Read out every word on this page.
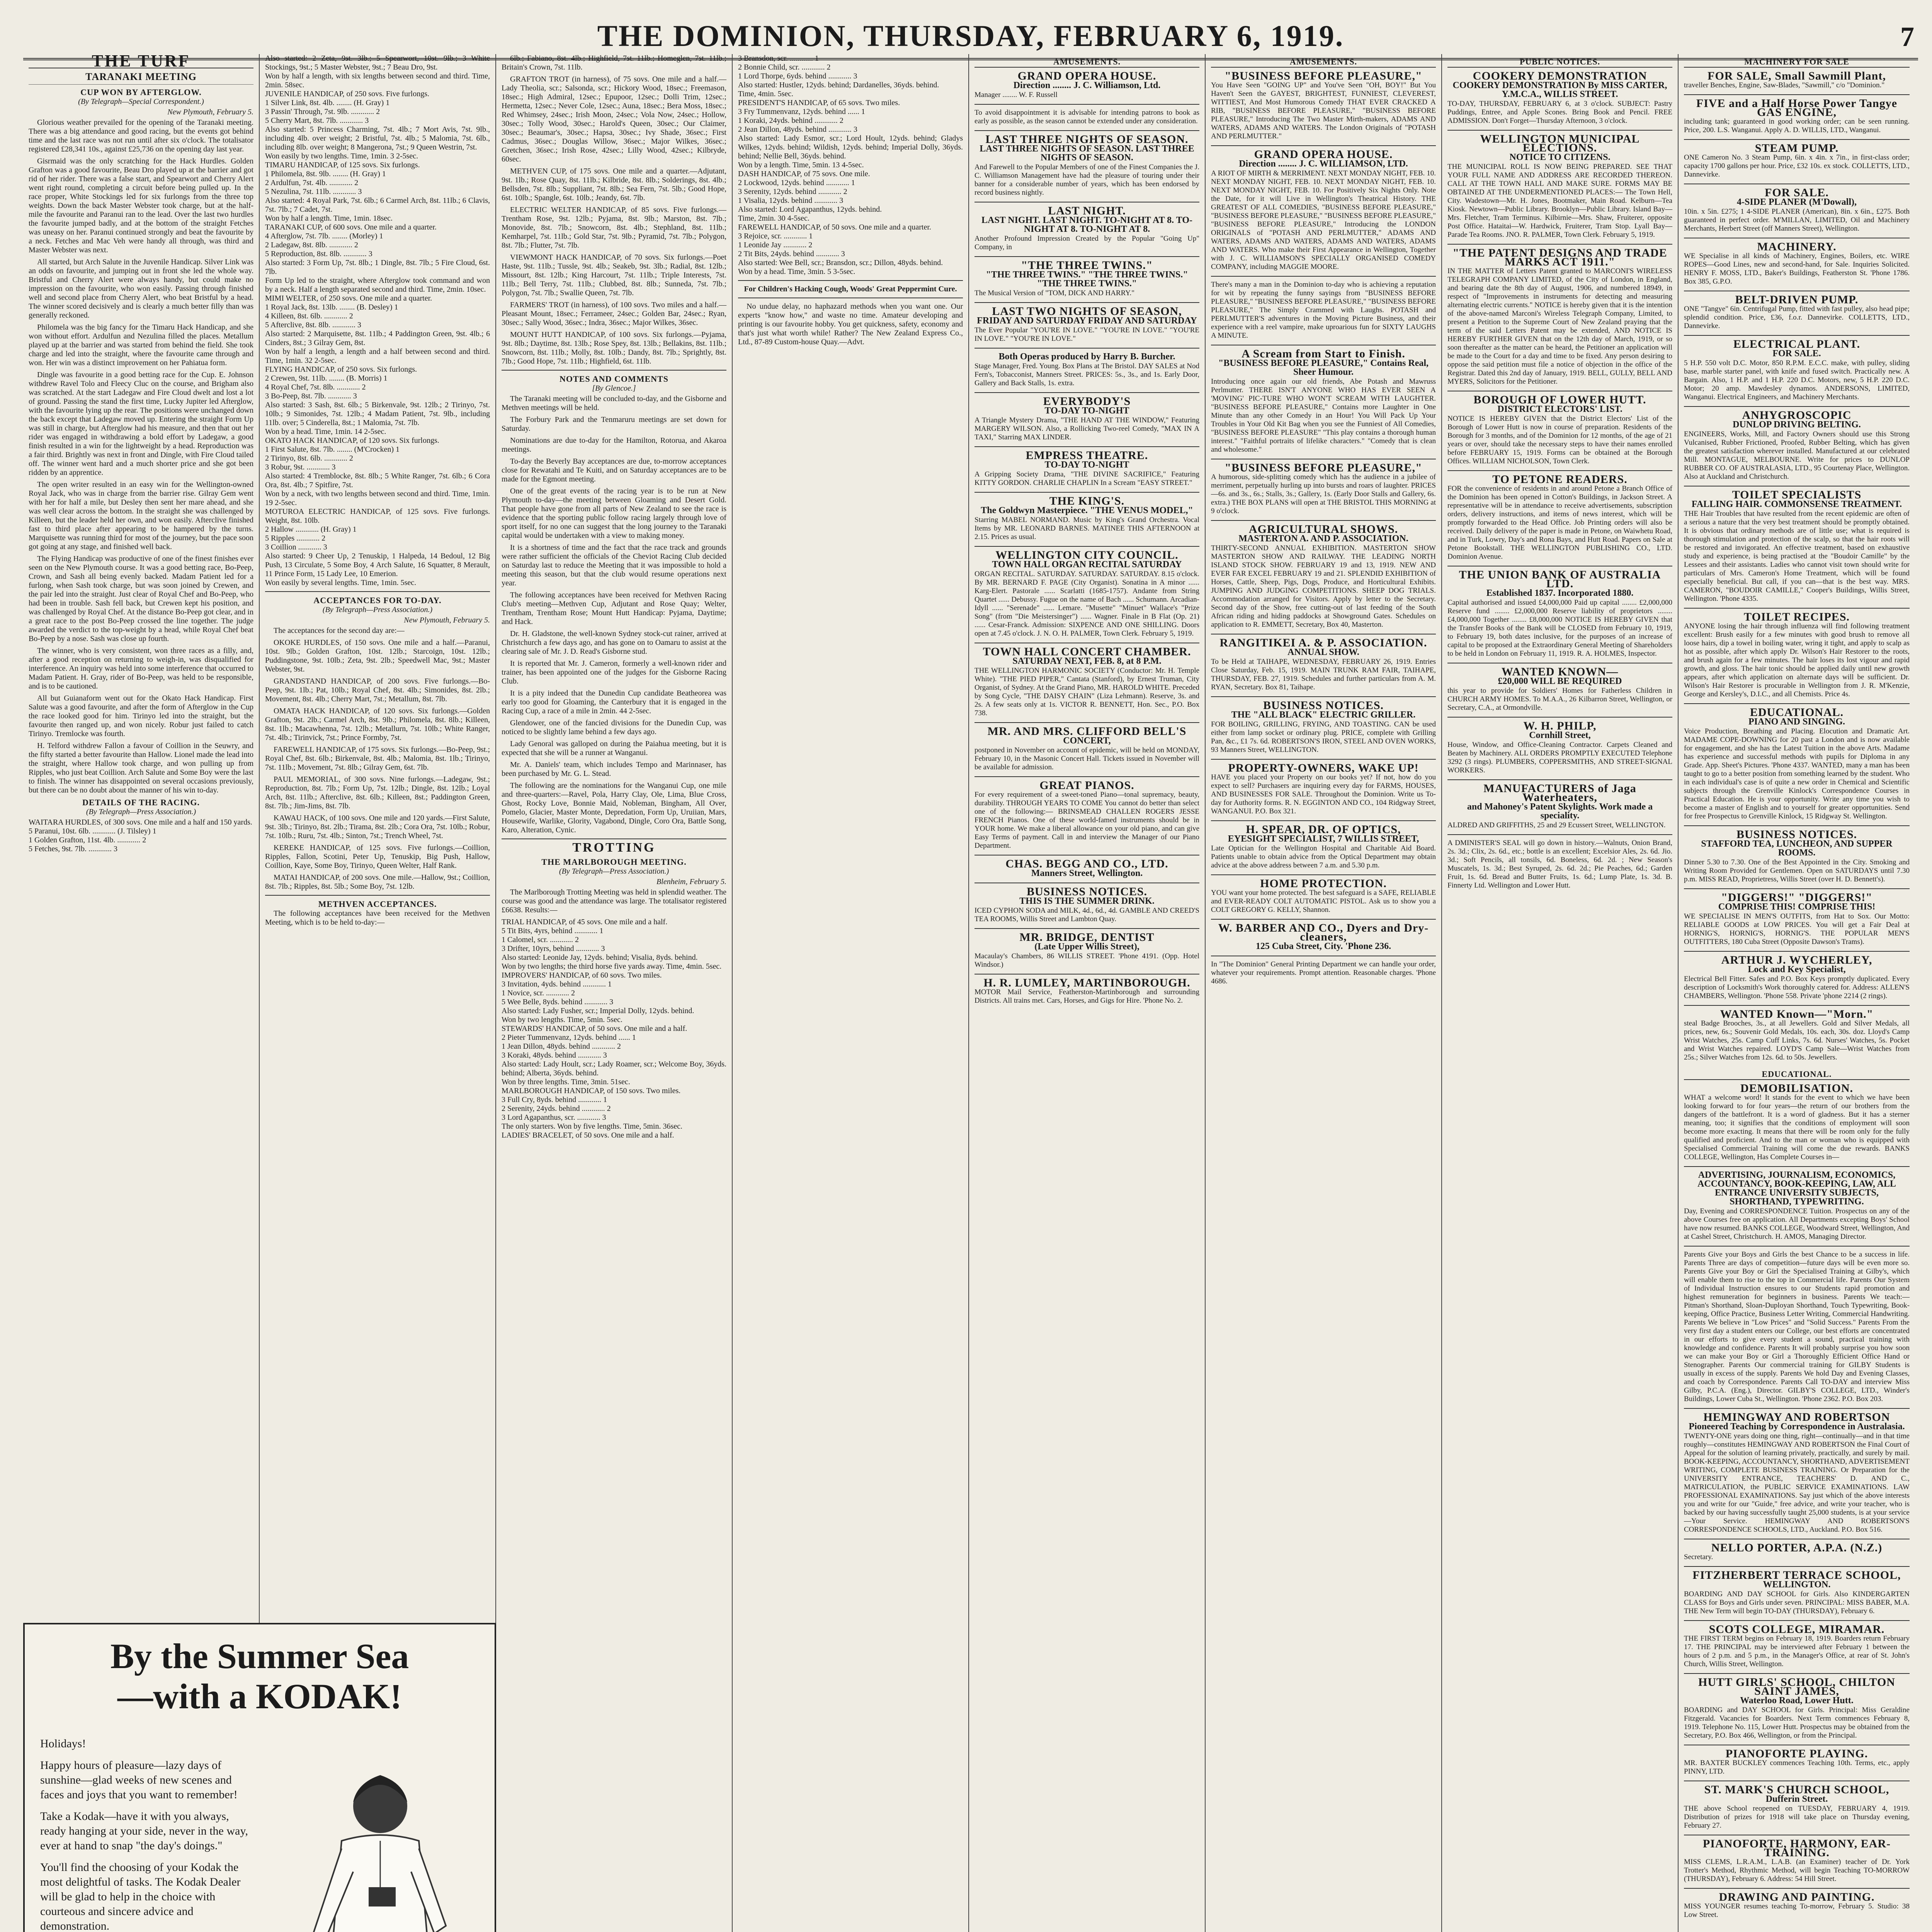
THE DOMINION, THURSDAY, FEBRUARY 6, 1919.	7
THE TURF
TARANAKI MEETING
CUP WON BY AFTERGLOW.
(By Telegraph—Special Correspondent.)
New Plymouth, February 5.

Glorious weather prevailed for the opening of the Taranaki meeting. There was a big attendance and good racing, but the events got behind time and the last race was not run until after six o'clock. The totalisator registered £28,341 10s., against £25,736 on the opening day last year.

Gisrmaid was the only scratching for the Hack Hurdles. Golden Grafton was a good favourite, Beau Dro played up at the barrier and got rid of her rider. There was a false start, and Spearwort and Cherry Alert went right round, completing a circuit before being pulled up. In the race proper, White Stockings led for six furlongs from the three top weights. Down the back Master Webster took charge, but at the half-mile the favourite and Paranui ran to the lead. Over the last two hurdles the favourite jumped badly, and at the bottom of the straight Fetches was uneasy on her. Paranui continued strongly and beat the favourite by a neck. Fetches and Mac Veh were handy all through, was third and Master Webster was next.

All started, but Arch Salute in the Juvenile Handicap. Silver Link was an odds on favourite, and jumping out in front she led the whole way. Bristful and Cherry Alert were always handy, but could make no impression on the favourite, who won easily. Passing through finished well and second place from Cherry Alert, who beat Bristful by a head. The winner scored decisively and is clearly a much better filly than was generally reckoned.

Philomela was the big fancy for the Timaru Hack Handicap, and she won without effort. Ardulfun and Nezulina filled the places. Metallum played up at the barrier and was started from behind the field. She took charge and led into the straight, where the favourite came through and won. Her win was a distinct improvement on her Pahiatua form.

Dingle was favourite in a good betting race for the Cup. E. Johnson withdrew Ravel Tolo and Fleecy Cluc on the course, and Brigham also was scratched. At the start Ladegaw and Fire Cloud dwelt and lost a lot of ground. Passing the stand the first time, Lucky Jupiter led Afterglow, with the favourite lying up the rear. The positions were unchanged down the back except that Ladegaw moved up. Entering the straight Form Up was still in charge, but Afterglow had his measure, and then that out her rider was engaged in withdrawing a bold effort by Ladegaw, a good finish resulted in a win for the lightweight by a head. Reproduction was a fair third. Brightly was next in front and Dingle, with Fire Cloud tailed off. The winner went hard and a much shorter price and she got been ridden by an apprentice.

The open writer resulted in an easy win for the Wellington-owned Royal Jack, who was in charge from the barrier rise. Gilray Gem went with her for half a mile, but Desley then sent her mare ahead, and she was well clear across the bottom. In the straight she was challenged by Killeen, but the leader held her own, and won easily. Afterclive finished fast to third place after appearing to be hampered by the turns. Marquisette was running third for most of the journey, but the pace soon got going at any stage, and finished well back.

The Flying Handicap was productive of one of the finest finishes ever seen on the New Plymouth course. It was a good betting race, Bo-Peep, Crown, and Sash all being evenly backed. Madam Patient led for a furlong, when Sash took charge, but was soon joined by Crewen, and the pair led into the straight. Just clear of Royal Chef and Bo-Peep, who had been in trouble. Sash fell back, but Crewen kept his position, and was challenged by Royal Chef. At the distance Bo-Peep got clear, and in a great race to the post Bo-Peep crossed the line together. The judge awarded the verdict to the top-weight by a head, while Royal Chef beat Bo-Peep by a nose. Sash was close up fourth.

The winner, who is very consistent, won three races as a filly, and, after a good reception on returning to weigh-in, was disqualified for interference. An inquiry was held into some interference that occurred to Madam Patient. H. Gray, rider of Bo-Peep, was held to be responsible, and is to be cautioned.

All but Guianaform went out for the Okato Hack Handicap. First Salute was a good favourite, and after the form of Afterglow in the Cup the race looked good for him. Tirinyo led into the straight, but the favourite then ranged up, and won nicely. Robur just failed to catch Tirinyo. Tremlocke was fourth.

H. Telford withdrew Fallon a favour of Coillion in the Seuwry, and the fifty started a better favourite than Hallow. Lionel made the lead into the straight, where Hallow took charge, and won pulling up from Ripples, who just beat Coillion. Arch Salute and Some Boy were the last to finish. The winner has disappointed on several occasions previously, but there can be no doubt about the manner of his win to-day.

DETAILS OF THE RACING.
(By Telegraph—Press Association.)
WAITARA HURDLES, of 300 sovs. One mile and a half and 150 yards.
5 Paranui, 10st. 6lb. ............ (J. Tilsley) 1
1 Golden Grafton, 11st. 4lb. ............ 2
5 Fetches, 9st. 7lb. ............ 3
Also started: 2 Zeta, 9st. 3lb.; 5 Spearwort, 10st. 9lb.; 3 White Stockings, 9st.; 5 Master Webster, 9st.; 7 Beau Dro, 9st.
Won by half a length, with six lengths between second and third. Time, 2min. 58sec.
JUVENILE HANDICAP, of 250 sovs. Five furlongs.
1 Silver Link, 8st. 4lb. ........ (H. Gray) 1
3 Passin' Through, 7st. 9lb. ............ 2
5 Cherry Mart, 8st. 7lb. ............ 3
Also started: 5 Princess Charming, 7st. 4lb.; 7 Mort Avis, 7st. 9lb., including 4lb. over weight; 2 Bristful, 7st. 4lb.; 5 Malomia, 7st. 6lb., including 8lb. over weight; 8 Mangerona, 7st.; 9 Queen Westrin, 7st.
Won easily by two lengths. Time, 1min. 3 2-5sec.
TIMARU HANDICAP, of 125 sovs. Six furlongs.
1 Philomela, 8st. 9lb. ........ (H. Gray) 1
2 Ardulfun, 7st. 4lb. ............ 2
5 Nezulina, 7st. 11lb. ............ 3
Also started: 4 Royal Park, 7st. 6lb.; 6 Carmel Arch, 8st. 11lb.; 6 Clavis, 7st. 7lb.; 7 Cadet, 7st.
Won by half a length. Time, 1min. 18sec.
TARANAKI CUP, of 600 sovs. One mile and a quarter.
4 Afterglow, 7st. 7lb. ........ (Morley) 1
2 Ladegaw, 8st. 8lb. ............ 2
5 Reproduction, 8st. 8lb. ............ 3
Also started: 3 Form Up, 7st. 8lb.; 1 Dingle, 8st. 7lb.; 5 Fire Cloud, 6st. 7lb.
Form Up led to the straight, where Afterglow took command and won by a neck. Half a length separated second and third. Time, 2min. 10sec.
MIMI WELTER, of 250 sovs. One mile and a quarter.
1 Royal Jack, 8st. 13lb. ........ (B. Desley) 1
4 Killeen, 8st. 6lb. ............ 2
5 Afterclive, 8st. 8lb. ............ 3
Also started: 2 Marquisette, 8st. 11lb.; 4 Paddington Green, 9st. 4lb.; 6 Cinders, 8st.; 3 Gilray Gem, 8st.
Won by half a length, a length and a half between second and third. Time, 1min. 32 2-5sec.
FLYING HANDICAP, of 250 sovs. Six furlongs.
2 Crewen, 9st. 11lb. ........ (B. Morris) 1
4 Royal Chef, 7st. 8lb. ............ 2
3 Bo-Peep, 8st. 7lb. ............ 3
Also started: 3 Sash, 8st. 6lb.; 5 Birkenvale, 9st. 12lb.; 2 Tirinyo, 7st. 10lb.; 9 Simonides, 7st. 12lb.; 4 Madam Patient, 7st. 9lb., including 11lb. over; 5 Cinderella, 8st.; 1 Malomia, 7st. 7lb.
Won by a head. Time, 1min. 14 2-5sec.
OKATO HACK HANDICAP, of 120 sovs. Six furlongs.
1 First Salute, 8st. 7lb. ........ (M'Crocken) 1
2 Tirinyo, 8st. 6lb. ............ 2
3 Robur, 9st. ............ 3
Also started: 4 Tremblocke, 8st. 8lb.; 5 White Ranger, 7st. 6lb.; 6 Cora Ora, 8st. 4lb.; 7 Spitfire, 7st.
Won by a neck, with two lengths between second and third. Time, 1min. 19 2-5sec.
MOTUROA ELECTRIC HANDICAP, of 125 sovs. Five furlongs. Weight, 8st. 10lb.
2 Hallow ............ (H. Gray) 1
5 Ripples ............ 2
3 Coillion ............ 3
Also started: 9 Cheer Up, 2 Tenuskip, 1 Halpeda, 14 Bedoul, 12 Big Push, 13 Circulate, 5 Some Boy, 4 Arch Salute, 16 Squatter, 8 Merault, 11 Prince Form, 15 Lady Lee, 10 Emerion.
Won easily by several lengths. Time, 1min. 5sec.
ACCEPTANCES FOR TO-DAY.
(By Telegraph—Press Association.)
New Plymouth, February 5.

The acceptances for the second day are:—

OKOKE HURDLES, of 150 sovs. One mile and a half.—Paranui, 10st. 9lb.; Golden Grafton, 10st. 12lb.; Starcoign, 10st. 12lb.; Puddingstone, 9st. 10lb.; Zeta, 9st. 2lb.; Speedwell Mac, 9st.; Master Webster, 9st.

GRANDSTAND HANDICAP, of 200 sovs. Five furlongs.—Bo-Peep, 9st. 1lb.; Pat, 10lb.; Royal Chef, 8st. 4lb.; Simonides, 8st. 2lb.; Movement, 8st. 4lb.; Cherry Mart, 7st.; Metallum, 8st. 7lb.

OMATA HACK HANDICAP, of 120 sovs. Six furlongs.—Golden Grafton, 9st. 2lb.; Carmel Arch, 8st. 9lb.; Philomela, 8st. 8lb.; Killeen, 8st. 1lb.; Macawhenna, 7st. 12lb.; Metallurn, 7st. 10lb.; White Ranger, 7st. 4lb.; Tirinvick, 7st.; Prince Formby, 7st.

FAREWELL HANDICAP, of 175 sovs. Six furlongs.—Bo-Peep, 9st.; Royal Chef, 8st. 6lb.; Birkenvale, 8st. 4lb.; Malomia, 8st. 1lb.; Tirinyo, 7st. 11lb.; Movement, 7st. 8lb.; Gilray Gem, 6st. 7lb.

PAUL MEMORIAL, of 300 sovs. Nine furlongs.—Ladegaw, 9st.; Reproduction, 8st. 7lb.; Form Up, 7st. 12lb.; Dingle, 8st. 12lb.; Loyal Arch, 8st. 11lb.; Afterclive, 8st. 6lb.; Killeen, 8st.; Paddington Green, 8st. 7lb.; Jim-Jims, 8st. 7lb.

KAWAU HACK, of 100 sovs. One mile and 120 yards.—First Salute, 9st. 3lb.; Tirinyo, 8st. 2lb.; Tirama, 8st. 2lb.; Cora Ora, 7st. 10lb.; Robur, 7st. 10lb.; Ruru, 7st. 4lb.; Sinton, 7st.; Trench Wheel, 7st.

KEREKE HANDICAP, of 125 sovs. Five furlongs.—Coillion, Ripples, Fallon, Scotini, Peter Up, Tenuskip, Big Push, Hallow, Coillion, Kaye, Some Boy, Tirinyo, Queen Welter, Half Rank.

MATAI HANDICAP, of 200 sovs. One mile.—Hallow, 9st.; Coillion, 8st. 7lb.; Ripples, 8st. 5lb.; Some Boy, 7st. 12lb.

METHVEN ACCEPTANCES.

The following acceptances have been received for the Methven Meeting, which is to be held to-day:—

6lb.; Fabiano, 8st. 4lb.; Highfield, 7st. 11lb.; Homeglen, 7st. 11lb.; Britain's Crown, 7st. 11lb.

GRAFTON TROT (in harness), of 75 sovs. One mile and a half.—Lady Theolia, scr.; Salsonda, scr.; Hickory Wood, 18sec.; Freemason, 18sec.; High Admiral, 12sec.; Epupoor, 12sec.; Dolli Trim, 12sec.; Hermetta, 12sec.; Never Cole, 12sec.; Auna, 18sec.; Bera Moss, 18sec.; Red Whimsey, 24sec.; Irish Moon, 24sec.; Vola Now, 24sec.; Hollow, 30sec.; Tolly Wood, 30sec.; Harold's Queen, 30sec.; Our Claimer, 30sec.; Beaumar's, 30sec.; Hapsa, 30sec.; Ivy Shade, 36sec.; First Cadmus, 36sec.; Douglas Willow, 36sec.; Major Wilkes, 36sec.; Gretchen, 36sec.; Irish Rose, 42sec.; Lilly Wood, 42sec.; Kilbryde, 60sec.

METHVEN CUP, of 175 sovs. One mile and a quarter.—Adjutant, 9st. 1lb.; Rose Quay, 8st. 11lb.; Kilbride, 8st. 8lb.; Solderings, 8st. 4lb.; Bellsden, 7st. 8lb.; Suppliant, 7st. 8lb.; Sea Fern, 7st. 5lb.; Good Hope, 6st. 10lb.; Spangle, 6st. 10lb.; Jeandy, 6st. 7lb.

ELECTRIC WELTER HANDICAP, of 85 sovs. Five furlongs.—Trentham Rose, 9st. 12lb.; Pyjama, 8st. 9lb.; Marston, 8st. 7lb.; Monovide, 8st. 7lb.; Snowcorn, 8st. 4lb.; Stephland, 8st. 11lb.; Kemharpel, 7st. 11lb.; Gold Star, 7st. 9lb.; Pyramid, 7st. 7lb.; Polygon, 8st. 7lb.; Flutter, 7st. 7lb.

VIEWMONT HACK HANDICAP, of 70 sovs. Six furlongs.—Poet Haste, 9st. 11lb.; Tussle, 9st. 4lb.; Seakeb, 9st. 3lb.; Radial, 8st. 12lb.; Missourt, 8st. 12lb.; King Harcourt, 7st. 11lb.; Triple Interests, 7st. 11lb.; Bell Terry, 7st. 11lb.; Clubbed, 8st. 8lb.; Sunneda, 7st. 7lb.; Polygon, 7st. 7lb.; Swallie Queen, 7st. 7lb.

FARMERS' TROT (in harness), of 100 sovs. Two miles and a half.—Pleasant Mount, 18sec.; Ferrameer, 24sec.; Golden Bar, 24sec.; Ryan, 30sec.; Sally Wood, 36sec.; Indra, 36sec.; Major Wilkes, 36sec.

MOUNT HUTT HANDICAP, of 100 sovs. Six furlongs.—Pyjama, 9st. 8lb.; Daytime, 8st. 13lb.; Rose Spey, 8st. 13lb.; Bellakins, 8st. 11lb.; Snowcorn, 8st. 11lb.; Molly, 8st. 10lb.; Dandy, 8st. 7lb.; Sprightly, 8st. 7lb.; Good Hope, 7st. 11lb.; Highfield, 6st. 11lb.

NOTES AND COMMENTS
[By Glencoe.]

The Taranaki meeting will be concluded to-day, and the Gisborne and Methven meetings will be held.

The Forbury Park and the Tenmaruru meetings are set down for Saturday.

Nominations are due to-day for the Hamilton, Rotorua, and Akaroa meetings.

To-day the Beverly Bay acceptances are due, to-morrow acceptances close for Rewatahi and Te Kuiti, and on Saturday acceptances are to be made for the Egmont meeting.

One of the great events of the racing year is to be run at New Plymouth to-day—the meeting between Gloaming and Desert Gold. That people have gone from all parts of New Zealand to see the race is evidence that the sporting public follow racing largely through love of sport itself, for no one can suggest that the long journey to the Taranaki capital would be undertaken with a view to making money.

It is a shortness of time and the fact that the race track and grounds were rather sufficient the officials of the Cheviot Racing Club decided on Saturday last to reduce the Meeting that it was impossible to hold a meeting this season, but that the club would resume operations next year.

The following acceptances have been received for Methven Racing Club's meeting—Methven Cup, Adjutant and Rose Quay; Welter, Trentham, Trentham Rose; Mount Hutt Handicap: Pyjama, Daytime; and Hack.

Dr. H. Gladstone, the well-known Sydney stock-cut rainer, arrived at Christchurch a few days ago, and has gone on to Oamaru to assist at the clearing sale of Mr. J. D. Read's Gisborne stud.

It is reported that Mr. J. Cameron, formerly a well-known rider and trainer, has been appointed one of the judges for the Gisborne Racing Club.

It is a pity indeed that the Dunedin Cup candidate Beatheorea was early too good for Gloaming, the Canterbury that it is engaged in the Racing Cup, a race of a mile in 2min. 44 2-5sec.

Glendower, one of the fancied divisions for the Dunedin Cup, was noticed to be slightly lame behind a few days ago.

Lady Genoral was galloped on during the Paiahua meeting, but it is expected that she will be a runner at Wanganui.

Mr. A. Daniels' team, which includes Tempo and Marinnaser, has been purchased by Mr. G. L. Stead.

The following are the nominations for the Wanganui Cup, one mile and three-quarters:—Ravel, Pola, Harry Clay, Ole, Lima, Blue Cross, Ghost, Rocky Love, Bonnie Maid, Nobleman, Bingham, All Over, Pomelo, Glacier, Master Monte, Depredation, Form Up, Uruiian, Mars, Housewife, Warlike, Glority, Vagabond, Dingle, Coro Ora, Battle Song, Karo, Alteration, Cynic.

TROTTING
THE MARLBOROUGH MEETING.
(By Telegraph—Press Association.)
Blenheim, February 5.

The Marlborough Trotting Meeting was held in splendid weather. The course was good and the attendance was large. The totalisator registered £6638. Results:—

TRIAL HANDICAP, of 45 sovs. One mile and a half.
5 Tit Bits, 4yrs, behind ............ 1
1 Calomel, scr. ............ 2
3 Drifter, 10yrs, behind ............ 3
Also started: Leonide Jay, 12yds. behind; Visalia, 8yds. behind.
Won by two lengths; the third horse five yards away. Time, 4min. 5sec.
IMPROVERS' HANDICAP, of 60 sovs. Two miles.
3 Invitation, 4yds. behind ............ 1
1 Novice, scr. ............ 2
5 Wee Belle, 8yds. behind ............ 3
Also started: Lady Fusher, scr.; Imperial Dolly, 12yds. behind.
Won by two lengths. Time, 5min. 5sec.
STEWARDS' HANDICAP, of 50 sovs. One mile and a half.
2 Pieter Tummenvanz, 12yds. behind ...... 1
1 Jean Dillon, 48yds. behind ............ 2
3 Koraki, 48yds. behind ............ 3
Also started: Lady Hoult, scr.; Lady Roamer, scr.; Welcome Boy, 36yds. behind; Alberta, 36yds. behind.
Won by three lengths. Time, 3min. 51sec.
MARLBOROUGH HANDICAP, of 150 sovs. Two miles.
3 Full Cry, 8yds. behind ............ 1
2 Serenity, 24yds. behind ............ 2
3 Lord Agapanthus, scr. ............ 3
The only starters. Won by five lengths. Time, 5min. 36sec.
LADIES' BRACELET, of 50 sovs. One mile and a half.
3 Bransdon, scr. ............ 1
2 Bonnie Child, scr. ............ 2
1 Lord Thorpe, 6yds. behind ............ 3
Also started: Hustler, 12yds. behind; Dardanelles, 36yds. behind.
Time, 4min. 5sec.
PRESIDENT'S HANDICAP, of 65 sovs. Two miles.
3 Fry Tummenvanz, 12yds. behind ...... 1
1 Koraki, 24yds. behind ............ 2
2 Jean Dillon, 48yds. behind ............ 3
Also started: Lady Esmor, scr.; Lord Hoult, 12yds. behind; Gladys Wilkes, 12yds. behind; Wildish, 12yds. behind; Imperial Dolly, 36yds. behind; Nellie Bell, 36yds. behind.
Won by a length. Time, 5min. 13 4-5sec.
DASH HANDICAP, of 75 sovs. One mile.
2 Lockwood, 12yds. behind ............ 1
3 Serenity, 12yds. behind ............ 2
1 Visalia, 12yds. behind ............ 3
Also started: Lord Agapanthus, 12yds. behind.
Time, 2min. 30 4-5sec.
FAREWELL HANDICAP, of 50 sovs. One mile and a quarter.
3 Rejoice, scr. ............ 1
1 Leonide Jay ............ 2
2 Tit Bits, 24yds. behind ............ 3
Also started: Wee Bell, scr.; Bransdon, scr.; Dillon, 48yds. behind.
Won by a head. Time, 3min. 5 3-5sec.

For Children's Hacking Cough, Woods' Great Peppermint Cure.

No undue delay, no haphazard methods when you want one. Our experts "know how," and waste no time. Amateur developing and printing is our favourite hobby. You get quickness, safety, economy and that's just what worth while! Rather? The New Zealand Express Co., Ltd., 87-89 Custom-house Quay.—Advt.

AMUSEMENTS.
GRAND OPERA HOUSE.
Direction ........ J. C. Williamson, Ltd.
Manager ........ W. F. Russell
To avoid disappointment it is advisable for intending patrons to book as early as possible, as the season cannot be extended under any consideration.
LAST THREE NIGHTS OF SEASON.
LAST THREE NIGHTS OF SEASON. LAST THREE NIGHTS OF SEASON.
And Farewell to the Popular Members of one of the Finest Companies the J. C. Williamson Management have had the pleasure of touring under their banner for a considerable number of years, which has been endorsed by record business nightly.
LAST NIGHT.
LAST NIGHT. LAST NIGHT. TO-NIGHT AT 8. TO-NIGHT AT 8. TO-NIGHT AT 8.
Another Profound Impression Created by the Popular "Going Up" Company, in
"THE THREE TWINS."
"THE THREE TWINS." "THE THREE TWINS." "THE THREE TWINS."
The Musical Version of "TOM, DICK AND HARRY."
LAST TWO NIGHTS OF SEASON,
FRIDAY AND SATURDAY FRIDAY AND SATURDAY
The Ever Popular "YOU'RE IN LOVE." "YOU'RE IN LOVE." "YOU'RE IN LOVE." "YOU'RE IN LOVE."
Both Operas produced by Harry B. Burcher.
Stage Manager, Fred. Young. Box Plans at The Bristol. DAY SALES at Nod Fern's, Tobacconist, Manners Street. PRICES: 5s., 3s., and 1s. Early Door, Gallery and Back Stalls, 1s. extra.
EVERYBODY'S
TO-DAY TO-NIGHT
A Triangle Mystery Drama, "THE HAND AT THE WINDOW," Featuring MARGERY WILSON. Also, a Rollicking Two-reel Comedy, "MAX IN A TAXI," Starring MAX LINDER.
EMPRESS THEATRE.
TO-DAY TO-NIGHT
A Gripping Society Drama, "THE DIVINE SACRIFICE," Featuring KITTY GORDON. CHARLIE CHAPLIN In a Scream "EASY STREET."
THE KING'S.
The Goldwyn Masterpiece. "THE VENUS MODEL,"
Starring MABEL NORMAND. Music by King's Grand Orchestra. Vocal Items by MR. LEONARD BARNES. MATINEE THIS AFTERNOON at 2.15. Prices as usual.
WELLINGTON CITY COUNCIL.
TOWN HALL ORGAN RECITAL SATURDAY
ORGAN RECITAL. SATURDAY. SATURDAY. SATURDAY. 8.15 o'clock. By MR. BERNARD F. PAGE (City Organist). Sonatina in A minor ...... Karg-Elert. Pastorale ...... Scarlatti (1685-1757). Andante from String Quartet ...... Debussy. Fugue on the name of Bach ...... Schumann. Arcadian-Idyll ...... "Serenade" ...... Lemare. "Musette" "Minuet" Wallace's "Prize Song" (from "Die Meistersinger") ...... Wagner. Finale in B Flat (Op. 21) ...... Cesar-Franck. Admission: SIXPENCE AND ONE SHILLING. Doors open at 7.45 o'clock. J. N. O. H. PALMER, Town Clerk. February 5, 1919.
TOWN HALL CONCERT CHAMBER.
SATURDAY NEXT, FEB. 8, at 8 P.M.
THE WELLINGTON HARMONIC SOCIETY (Conductor: Mr. H. Temple White). "THE PIED PIPER," Cantata (Stanford), by Ernest Truman, City Organist, of Sydney. At the Grand Piano, MR. HAROLD WHITE. Preceded by Song Cycle, "THE DAISY CHAIN" (Liza Lehmann). Reserve, 3s. and 2s. A few seats only at 1s. VICTOR R. BENNETT, Hon. Sec., P.O. Box 738.
MR. AND MRS. CLIFFORD BELL'S
CONCERT,
postponed in November on account of epidemic, will be held on MONDAY, February 10, in the Masonic Concert Hall. Tickets issued in November will be available for admission.
GREAT PIANOS.
For every requirement of a sweet-toned Piano—tonal supremacy, beauty, durability. THROUGH YEARS TO COME You cannot do better than select one of the following:— BRINSMEAD CHALLEN ROGERS JESSE FRENCH Pianos. One of these world-famed instruments should be in YOUR home. We make a liberal allowance on your old piano, and can give Easy Terms of payment. Call in and interview the Manager of our Piano Department.
CHAS. BEGG AND CO., LTD.
Manners Street, Wellington.
BUSINESS NOTICES.
THIS IS THE SUMMER DRINK.
ICED CYPHON SODA and MILK, 4d., 6d., 4d. GAMBLE AND CREED'S TEA ROOMS, Willis Street and Lambton Quay.
MR. BRIDGE, DENTIST
(Late Upper Willis Street),
Macaulay's Chambers, 86 WILLIS STREET. 'Phone 4191. (Opp. Hotel Windsor.)
H. R. LUMLEY, MARTINBOROUGH.
MOTOR Mail Service, Featherston-Martinborough and surrounding Districts. All trains met. Cars, Horses, and Gigs for Hire. 'Phone No. 2.
AMUSEMENTS.
"BUSINESS BEFORE PLEASURE,"
You Have Seen "GOING UP" and You've Seen "OH, BOY!" But You Haven't Seen the GAYEST, BRIGHTEST, FUNNIEST, CLEVEREST, WITTIEST, And Most Humorous Comedy THAT EVER CRACKED A RIB, "BUSINESS BEFORE PLEASURE," "BUSINESS BEFORE PLEASURE," Introducing The Two Master Mirth-makers, ADAMS AND WATERS, ADAMS AND WATERS. The London Originals of "POTASH AND PERLMUTTER."
GRAND OPERA HOUSE.
Direction ........ J. C. WILLIAMSON, LTD.
A RIOT OF MIRTH & MERRIMENT. NEXT MONDAY NIGHT, FEB. 10. NEXT MONDAY NIGHT, FEB. 10. NEXT MONDAY NIGHT, FEB. 10. NEXT MONDAY NIGHT, FEB. 10. For Positively Six Nights Only. Note the Date, for it will Live in Wellington's Theatrical History. THE GREATEST OF ALL COMEDIES, "BUSINESS BEFORE PLEASURE," "BUSINESS BEFORE PLEASURE," "BUSINESS BEFORE PLEASURE," "BUSINESS BEFORE PLEASURE," Introducing the LONDON ORIGINALS of "POTASH AND PERLMUTTER," ADAMS AND WATERS, ADAMS AND WATERS, ADAMS AND WATERS, ADAMS AND WATERS. Who make their First Appearance in Wellington, Together with J. C. WILLIAMSON'S SPECIALLY ORGANISED COMEDY COMPANY, including MAGGIE MOORE.
There's many a man in the Dominion to-day who is achieving a reputation for wit by repeating the funny sayings from "BUSINESS BEFORE PLEASURE," "BUSINESS BEFORE PLEASURE," "BUSINESS BEFORE PLEASURE," The Simply Crammed with Laughs. POTASH and PERLMUTTER'S adventures in the Moving Picture Business, and their experience with a reel vampire, make uproarious fun for SIXTY LAUGHS A MINUTE.
A Scream from Start to Finish.
"BUSINESS BEFORE PLEASURE," Contains Real, Sheer Humour.
Introducing once again our old friends, Abe Potash and Mawruss Perlmutter. THERE ISN'T ANYONE WHO HAS EVER SEEN A 'MOVING' PIC-TURE WHO WON'T SCREAM WITH LAUGHTER. "BUSINESS BEFORE PLEASURE," Contains more Laughter in One Minute than any other Comedy in an Hour! You Will Pack Up Your Troubles in Your Old Kit Bag when you see the Funniest of All Comedies, "BUSINESS BEFORE PLEASURE" "This play contains a thorough human interest." "Faithful portraits of lifelike characters." "Comedy that is clean and wholesome."
"BUSINESS BEFORE PLEASURE,"
A humorous, side-splitting comedy which has the audience in a jubilee of merriment, perpetually hurling up into bursts and roars of laughter. PRICES—6s. and 3s., 6s.; Stalls, 3s.; Gallery, 1s. (Early Door Stalls and Gallery, 6s. extra.) THE BOX PLANS will open at THE BRISTOL THIS MORNING at 9 o'clock.
AGRICULTURAL SHOWS.
MASTERTON A. AND P. ASSOCIATION.
THIRTY-SECOND ANNUAL EXHIBITION. MASTERTON SHOW MASTERTON SHOW AND RAILWAY. THE LEADING NORTH ISLAND STOCK SHOW. FEBRUARY 19 and 13, 1919. NEW AND EVER FAR EXCEL FEBRUARY 19 and 21. SPLENDID EXHIBITION of Horses, Cattle, Sheep, Pigs, Dogs, Produce, and Horticultural Exhibits. JUMPING AND JUDGING COMPETITIONS. SHEEP DOG TRIALS. Accommodation arranged for Visitors. Apply by letter to the Secretary. Second day of the Show, free cutting-out of last feeding of the South African riding and hiding paddocks at Showground Gates. Schedules on application to R. EMMETT, Secretary, Box 40, Masterton.
RANGITIKEI A. & P. ASSOCIATION.
ANNUAL SHOW.
To be Held at TAIHAPE, WEDNESDAY, FEBRUARY 26, 1919. Entries Close Saturday, Feb. 15, 1919. MAIN TRUNK RAM FAIR, TAIHAPE, THURSDAY, FEB. 27, 1919. Schedules and further particulars from A. M. RYAN, Secretary. Box 81, Taihape.
BUSINESS NOTICES.
THE "ALL BLACK" ELECTRIC GRILLER.
FOR BOILING, GRILLING, FRYING, AND TOASTING. CAN be used either from lamp socket or ordinary plug. PRICE, complete with Grilling Pan, &c., £1 7s. 6d. ROBERTSON'S IRON, STEEL AND OVEN WORKS, 93 Manners Street, WELLINGTON.
PROPERTY-OWNERS, WAKE UP!
HAVE you placed your Property on our books yet? If not, how do you expect to sell? Purchasers are inquiring every day for FARMS, HOUSES, AND BUSINESSES FOR SALE. Throughout the Dominion. Write us To-day for Authority forms. R. N. EGGINTON AND CO., 104 Ridgway Street, WANGANUI. P.O. Box 321.
H. SPEAR, DR. OF OPTICS,
EYESIGHT SPECIALIST, 7 WILLIS STREET,
Late Optician for the Wellington Hospital and Charitable Aid Board. Patients unable to obtain advice from the Optical Department may obtain advice at the above address between 7 a.m. and 5.30 p.m.
HOME PROTECTION.
YOU want your home protected. The best safeguard is a SAFE, RELIABLE and EVER-READY COLT AUTOMATIC PISTOL. Ask us to show you a COLT GREGORY G. KELLY, Shannon.
W. BARBER AND CO., Dyers and Dry-cleaners,
125 Cuba Street, City. 'Phone 236.
In "The Dominion" General Printing Department we can handle your order, whatever your requirements. Prompt attention. Reasonable charges. 'Phone 4686.
PUBLIC NOTICES.
COOKERY DEMONSTRATION
COOKERY DEMONSTRATION By MISS CARTER, Y.M.C.A., WILLIS STREET.
TO-DAY, THURSDAY, FEBRUARY 6, at 3 o'clock. SUBJECT: Pastry Puddings, Entree, and Apple Scones. Bring Book and Pencil. FREE ADMISSION. Don't Forget—Thursday Afternoon, 3 o'clock.
WELLINGTON MUNICIPAL ELECTIONS.
NOTICE TO CITIZENS.
THE MUNICIPAL ROLL IS NOW BEING PREPARED. SEE THAT YOUR FULL NAME AND ADDRESS ARE RECORDED THEREON. CALL AT THE TOWN HALL AND MAKE SURE. FORMS MAY BE OBTAINED AT THE UNDERMENTIONED PLACES:— The Town Hell, City. Wadestown—Mr. H. Jones, Bootmaker, Main Road. Kelburn—Tea Kiosk. Newtown—Public Library. Brooklyn—Public Library. Island Bay—Mrs. Fletcher, Tram Terminus. Kilbirnie—Mrs. Shaw, Fruiterer, opposite Post Office. Hataitai—W. Hardwick, Fruiterer, Tram Stop. Lyall Bay—Parade Tea Rooms. JNO. R. PALMER, Town Clerk. February 5, 1919.
"THE PATENT DESIGNS AND TRADE MARKS ACT 1911."
IN THE MATTER of Letters Patent granted to MARCONI'S WIRELESS TELEGRAPH COMPANY LIMITED, of the City of London, in England, and bearing date the 8th day of August, 1906, and numbered 18949, in respect of "Improvements in instruments for detecting and measuring alternating electric currents." NOTICE is hereby given that it is the intention of the above-named Marconi's Wireless Telegraph Company, Limited, to present a Petition to the Supreme Court of New Zealand praying that the term of the said Letters Patent may be extended, AND NOTICE IS HEREBY FURTHER GIVEN that on the 12th day of March, 1919, or so soon thereafter as the matter can be heard, the Petitioner an application will be made to the Court for a day and time to be fixed. Any person desiring to oppose the said petition must file a notice of objection in the office of the Registrar. Dated this 2nd day of January, 1919. BELL, GULLY, BELL AND MYERS, Solicitors for the Petitioner.
BOROUGH OF LOWER HUTT.
DISTRICT ELECTORS' LIST.
NOTICE IS HEREBY GIVEN that the District Electors' List of the Borough of Lower Hutt is now in course of preparation. Residents of the Borough for 3 months, and of the Dominion for 12 months, of the age of 21 years or over, should take the necessary steps to have their names enrolled before FEBRUARY 15, 1919. Forms can be obtained at the Borough Offices. WILLIAM NICHOLSON, Town Clerk.
TO PETONE READERS.
FOR the convenience of residents in and around Petone a Branch Office of the Dominion has been opened in Cotton's Buildings, in Jackson Street. A representative will be in attendance to receive advertisements, subscription orders, delivery instructions, and items of news interest, which will be promptly forwarded to the Head Office. Job Printing orders will also be received. Daily delivery of the paper is made in Petone, on Waiwhetu Road, and in Turk, Lowry, Day's and Rona Bays, and Hutt Road. Papers on Sale at Petone Bookstall. THE WELLINGTON PUBLISHING CO., LTD. Dominion Avenue.
THE UNION BANK OF AUSTRALIA LTD.
Established 1837. Incorporated 1880.
Capital authorised and issued £4,000,000 Paid up capital ........ £2,000,000 Reserve fund ........ £2,000,000 Reserve liability of proprietors ........ £4,000,000 Together ........ £8,000,000 NOTICE IS HEREBY GIVEN that the Transfer Books of the Bank will be CLOSED from February 10, 1919, to February 19, both dates inclusive, for the purposes of an increase of capital to be proposed at the Extraordinary General Meeting of Shareholders to be held in London on February 11, 1919. R. A. HOLMES, Inspector.
WANTED KNOWN—
£20,000 WILL BE REQUIRED
this year to provide for Soldiers' Homes for Fatherless Children in CHURCH ARMY HOMES. To M.A.A., 26 Kilbarron Street, Wellington, or Secretary, C.A., at Ormondville.
W. H. PHILP,
Cornhill Street,
House, Window, and Office-Cleaning Contractor. Carpets Cleaned and Beaten by Machinery. ALL ORDERS PROMPTLY EXECUTED Telephone 3292 (3 rings). PLUMBERS, COPPERSMITHS, AND STREET-SIGNAL WORKERS.
MANUFACTURERS of Jaga Waterheaters,
and Mahoney's Patent Skylights. Work made a speciality.
ALDRED AND GRIFFITHS, 25 and 29 Ecussert Street, WELLINGTON.
A DMINISTER'S SEAL will go down in history.—Walnuts, Onion Brand, 2s. 3d.; Clix, 2s. 6d., etc.; bottle is an excellent; Excelsior Ales, 2s. 6d. Jio. 3d.; Soft Pencils, all tonsils, 6d. Boneless, 6d. 2d. ; New Season's Muscatels, 1s. 3d.; Best Syruped, 2s. 6d. 2d.; Pie Peaches, 6d.; Garden Fruit, 1s. 6d. Bread and Butter Fruits, 1s. 6d.; Lump Plate, 1s. 3d. B. Finnerty Ltd. Wellington and Lower Hutt.
MACHINERY FOR SALE
FOR SALE, Small Sawmill Plant,
traveller Benches, Engine, Saw-Blades, "Sawmill," c/o "Dominion."
FIVE and a Half Horse Power Tangye GAS ENGINE,
including tank; guaranteed in good working order; can be seen running. Price, 200. L.S. Wanganui. Apply A. D. WILLIS, LTD., Wanganui.
STEAM PUMP.
ONE Cameron No. 3 Steam Pump, 6in. x 4in. x 7in., in first-class order; capacity 1700 gallons per hour. Price, £32 10s. ex stock. COLLETTS, LTD., Dannevirke.
FOR SALE.
4-SIDE PLANER (M'Dowall),
10in. x 5in. £275; 1 4-SIDE PLANER (American), 8in. x 6in., £275. Both guaranteed in perfect order. M'MILLAN, LIMITED, Oil and Machinery Merchants, Herbert Street (off Manners Street), Wellington.
MACHINERY.
WE Specialise in all kinds of Machinery, Engines, Boilers, etc. WIRE ROPES—Good Lines, new and second-hand, for Sale. Inquiries Solicited. HENRY F. MOSS, LTD., Baker's Buildings, Featherston St. 'Phone 1786. Box 385, G.P.O.
BELT-DRIVEN PUMP.
ONE "Tangye" 6in. Centrifugal Pump, fitted with fast pulley, also head pipe; splendid condition. Price, £36, f.o.r. Dannevirke. COLLETTS, LTD., Dannevirke.
ELECTRICAL PLANT.
FOR SALE.
5 H.P. 550 volt D.C. Motor, 850 R.P.M. E.C.C. make, with pulley, sliding base, marble starter panel, with knife and fused switch. Practically new. A Bargain. Also, 1 H.P. and 1 H.P. 220 D.C. Motors, new, 5 H.P. 220 D.C. Motor; 20 amp. Mawdesley dynamos. ANDERSONS, LIMITED, Wanganui. Electrical Engineers, and Machinery Merchants.
ANHYGROSCOPIC
DUNLOP DRIVING BELTING.
ENGINEERS, Works, Mill, and Factory Owners should use this Strong Vulcanised, Rubber Frictioned, Proofed, Rubber Belting, which has given the greatest satisfaction wherever installed. Manufactured at our celebrated Mill. MONTAGUE, MELBOURNE. Write for prices to DUNLOP RUBBER CO. OF AUSTRALASIA, LTD., 95 Courtenay Place, Wellington. Also at Auckland and Christchurch.
TOILET SPECIALISTS
FALLING HAIR. COMMONSENSE TREATMENT.
THE Hair Troubles that have resulted from the recent epidemic are often of a serious a nature that the very best treatment should be promptly obtained. It is obvious that ordinary methods are of little use; what is required is thorough stimulation and protection of the scalp, so that the hair roots will be restored and invigorated. An effective treatment, based on exhaustive study and experience, is being practised at the "Boudoir Camille" by the Lessees and their assistants. Ladies who cannot visit town should write for particulars of Mrs. Cameron's Home Treatment, which will be found especially beneficial. But call, if you can—that is the best way. MRS. CAMERON, "BOUDOIR CAMILLE," Cooper's Buildings, Willis Street, Wellington. 'Phone 4335.
TOILET RECIPES.
ANYONE losing the hair through influenza will find following treatment excellent: Brush easily for a few minutes with good brush to remove all loose hairs, dip a towel in boiling water, wring it tight, and apply to scalp as hot as possible, after which apply Dr. Wilson's Hair Restorer to the roots, and brush again for a few minutes. The hair loses its lost vigour and rapid growth, and gloss. The hair tonic should be applied daily until new growth appears, after which application on alternate days will be sufficient. Dr. Wilson's Hair Restorer is procurable in Wellington from J. R. M'Kenzie, George and Kersley's, D.I.C., and all Chemists. Price 4s.
EDUCATIONAL.
PIANO AND SINGING.
Voice Production, Breathing and Placing. Elocution and Dramatic Art. MADAME COPE-DOWNING for 20 past a London and is now available for engagement, and she has the Latest Tuition in the above Arts. Madame has experience and successful methods with pupils for Diploma in any Grade. App. Sheet's Pictures. 'Phone 4337. WANTED, many a man has been taught to go to a better position from something learned by the student. Who in each individual's case is of quite a new order in Chemical and Scientific subjects through the Grenville Kinlock's Correspondence Courses in Practical Education. He is your opportunity. Write any time you wish to become a master of English and to yourself for greater opportunities. Send for free Prospectus to Grenville Kinlock, 15 Ridgway St. Wellington.
BUSINESS NOTICES.
STAFFORD TEA, LUNCHEON, AND SUPPER ROOMS.
Dinner 5.30 to 7.30. One of the Best Appointed in the City. Smoking and Writing Room Provided for Gentlemen. Open on SATURDAYS until 7.30 p.m. MISS READ, Proprietress, Willis Street (over H. D. Bennett's).
"DIGGERS!" "DIGGERS!"
COMPRISE THIS! COMPRISE THIS!
WE SPECIALISE IN MEN'S OUTFITS, from Hat to Sox. Our Motto: RELIABLE GOODS at LOW PRICES. You will get a Fair Deal at HORNIG'S, HORNIG'S, HORNIG'S. THE POPULAR MEN'S OUTFITTERS, 180 Cuba Street (Opposite Dawson's Trams).
ARTHUR J. WYCHERLEY,
Lock and Key Specialist,
Electrical Bell Fitter. Safes and P.O. Box Keys promptly duplicated. Every description of Locksmith's Work thoroughly catered for. Address: ALLEN'S CHAMBERS, Wellington. 'Phone 558. Private 'phone 2214 (2 rings).
WANTED Known—"Morn."
steal Badge Brooches, 3s., at all Jewellers. Gold and Silver Medals, all prices, new, 6s.; Souvenir Gold Medals, 10s. each, 30s. doz. Lloyd's Camp Wrist Watches, 25s. Camp Cuff Links, 7s. 6d. Nurses' Watches, 5s. Pocket and Wrist Watches repaired. LOYD'S Camp Sale—Wrist Watches from 25s.; Silver Watches from 12s. 6d. to 50s. Jewellers.
EDUCATIONAL.
DEMOBILISATION.
WHAT a welcome word! It stands for the event to which we have been looking forward to for four years—the return of our brothers from the dangers of the battlefront. It is a word of gladness. But it has a sterner meaning, too; it signifies that the conditions of employment will soon become more exacting. It means that there will be room only for the fully qualified and proficient. And to the man or woman who is equipped with Specialised Commercial Training will come the due rewards. BANKS COLLEGE, Wellington, Has Complete Courses in—
ADVERTISING, JOURNALISM, ECONOMICS, ACCOUNTANCY, BOOK-KEEPING, LAW, ALL ENTRANCE UNIVERSITY SUBJECTS, SHORTHAND, TYPEWRITING.
Day, Evening and CORRESPONDENCE Tuition. Prospectus on any of the above Courses free on application. All Departments excepting Boys' School have now resumed. BANKS COLLEGE, Woodward Street, Wellington, And at Cashel Street, Christchurch. H. AMOS, Managing Director.
Parents Give your Boys and Girls the best Chance to be a success in life. Parents Three are days of competition—future days will be even more so. Parents Give your Boy or Girl the Specialised Training at Gilby's, which will enable them to rise to the top in Commercial life. Parents Our System of Individual Instruction ensures to our Students rapid promotion and highest remuneration for beginners in business. Parents We teach:— Pitman's Shorthand, Sloan-Duployan Shorthand, Touch Typewriting, Book-keeping, Office Practice, Business Letter Writing, Commercial Handwriting. Parents We believe in "Low Prices" and "Solid Success." Parents From the very first day a student enters our College, our best efforts are concentrated in our efforts to give every student a sound, practical training with knowledge and confidence. Parents It will probably surprise you how soon we can make your Boy or Girl a Thoroughly Efficient Office Hand or Stenographer. Parents Our commercial training for GILBY Students is usually in excess of the supply. Parents We hold Day and Evening Classes, and coach by Correspondence. Parents Call TO-DAY and interview Miss Gilby, P.C.A. (Eng.), Director. GILBY'S COLLEGE, LTD., Winder's Buildings, Lower Cuba St., Wellington. 'Phone 2362. P.O. Box 203.
HEMINGWAY AND ROBERTSON
Pioneered Teaching by Correspondence in Australasia.
TWENTY-ONE years doing one thing, right—continually—and in that time roughly—constitutes HEMINGWAY AND ROBERTSON the Final Court of Appeal for the solution of learning privately, practically, and surely by mail. BOOK-KEEPING, ACCOUNTANCY, SHORTHAND, ADVERTISEMENT WRITING, COMPLETE BUSINESS TRAINING. Or Preparation for the UNIVERSITY ENTRANCE, TEACHERS' D. AND C., MATRICULATION, the PUBLIC SERVICE EXAMINATIONS. LAW PROFESSIONAL EXAMINATIONS. Say just which of the above interests you and write for our "Guide," free advice, and write your teacher, who is backed by our having successfully taught 25,000 students, is at your service—Your Service. HEMINGWAY AND ROBERTSON'S CORRESPONDENCE SCHOOLS, LTD., Auckland. P.O. Box 516.
NELLO PORTER, A.P.A. (N.Z.)
Secretary.
FITZHERBERT TERRACE SCHOOL,
WELLINGTON.
BOARDING AND DAY SCHOOL for Girls. Also KINDERGARTEN CLASS for Boys and Girls under seven. PRINCIPAL: MISS BABER, M.A. THE New Term will begin TO-DAY (THURSDAY), February 6.
SCOTS COLLEGE, MIRAMAR.
THE FIRST TERM begins on February 18, 1919. Boarders return February 17. THE PRINCIPAL may be interviewed after February 1 between the hours of 2 p.m. and 5 p.m., in the Manager's Office, at rear of St. John's Church, Willis Street, Wellington.
HUTT GIRLS' SCHOOL, CHILTON SAINT JAMES,
Waterloo Road, Lower Hutt.
BOARDING and DAY SCHOOL for Girls. Principal: Miss Geraldine Fitzgerald. Vacancies for Boarders. Next Term commences February 8, 1919. Telephone No. 115, Lower Hutt. Prospectus may be obtained from the Secretary, P.O. Box 466, Wellington, or from the Principal.
PIANOFORTE PLAYING.
MR. BAXTER BUCKLEY commences Teaching 10th. Terms, etc., apply PINNY, LTD.
ST. MARK'S CHURCH SCHOOL,
Dufferin Street.
THE above School reopened on TUESDAY, FEBRUARY 4, 1919. Distribution of prizes for 1918 will take place on Thursday evening, February 27.
PIANOFORTE, HARMONY, EAR-TRAINING.
MISS CLEMS, L.R.A.M., L.A.B. (an Examiner) teacher of Dr. York Trotter's Method, Rhythmic Method, will begin Teaching TO-MORROW (THURSDAY), February 6. Address: 54 Hill Street.
DRAWING AND PAINTING.
MISS YOUNGER resumes teaching To-morrow, February 5. Studio: 38 Low Street.
By the Summer Sea
—with a KODAK!

Holidays!

Happy hours of pleasure—lazy days of sunshine—glad weeks of new scenes and faces and joys that you want to remember!

Take a Kodak—have it with you always, ready hanging at your side, never in the way, ever at hand to snap "the day's doings."

You'll find the choosing of your Kodak the most delightful of tasks. The Kodak Dealer will be glad to help in the choice with courteous and sincere advice and demonstration.
